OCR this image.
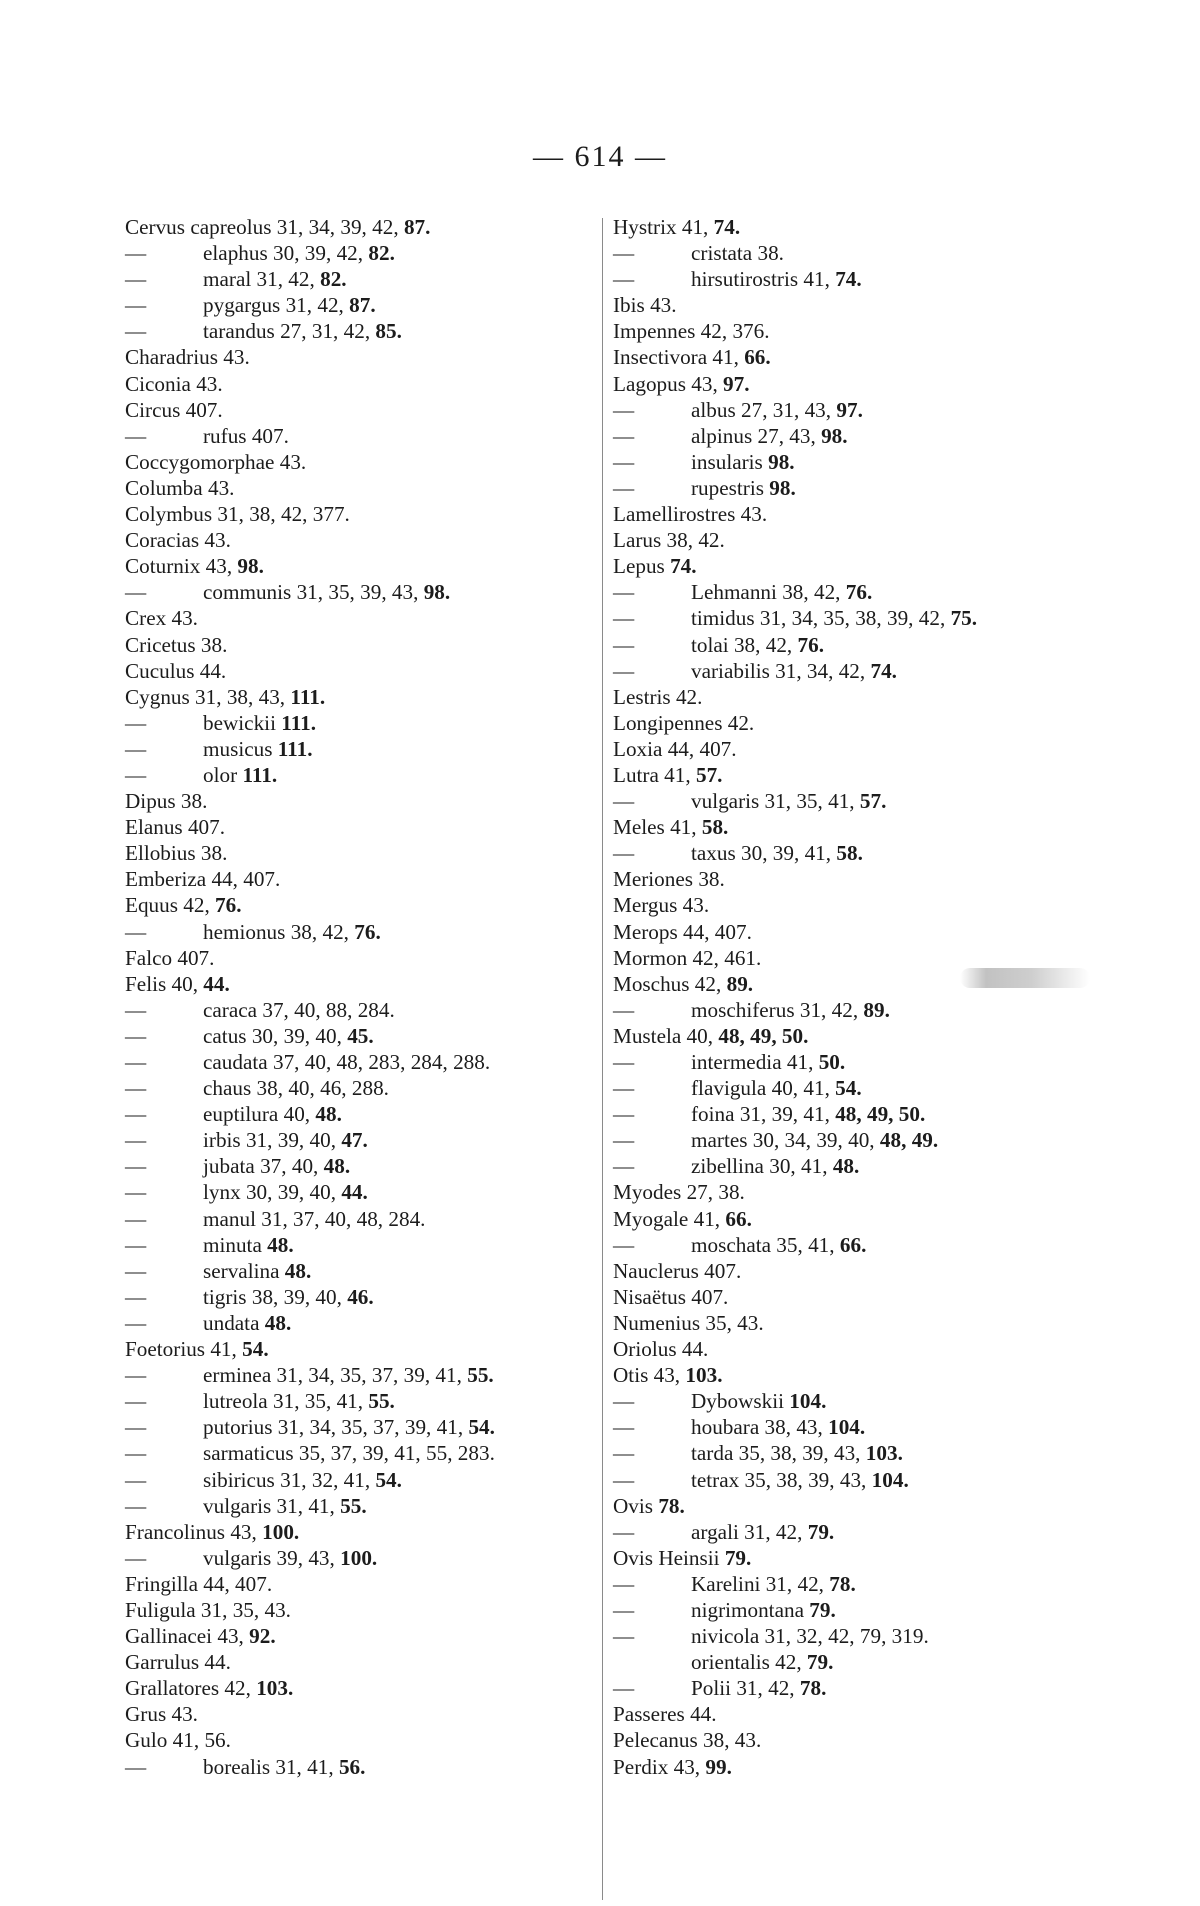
— 614 —
Cervus capreolus 31, 34, 39, 42, 87.
—	elaphus 30, 39, 42, 82.
—	maral 31, 42, 82.
—	pygargus 31, 42, 87.
—	tarandus 27, 31, 42, 85.
Charadrius 43.
Ciconia 43.
Circus 407.
—	rufus 407.
Coccygomorphae 43.
Columba 43.
Colymbus 31, 38, 42, 377.
Coracias 43.
Coturnix 43, 98.
—	communis 31, 35, 39, 43, 98.
Crex 43.
Cricetus 38.
Cuculus 44.
Cygnus 31, 38, 43, 111.
—	bewickii 111.
—	musicus 111.
—	olor 111.
Dipus 38.
Elanus 407.
Ellobius 38.
Emberiza 44, 407.
Equus 42, 76.
—	hemionus 38, 42, 76.
Falco 407.
Felis 40, 44.
—	caraca 37, 40, 88, 284.
—	catus 30, 39, 40, 45.
—	caudata 37, 40, 48, 283, 284, 288.
—	chaus 38, 40, 46, 288.
—	euptilura 40, 48.
—	irbis 31, 39, 40, 47.
—	jubata 37, 40, 48.
—	lynx 30, 39, 40, 44.
—	manul 31, 37, 40, 48, 284.
—	minuta 48.
—	servalina 48.
—	tigris 38, 39, 40, 46.
—	undata 48.
Foetorius 41, 54.
—	erminea 31, 34, 35, 37, 39, 41, 55.
—	lutreola 31, 35, 41, 55.
—	putorius 31, 34, 35, 37, 39, 41, 54.
—	sarmaticus 35, 37, 39, 41, 55, 283.
—	sibiricus 31, 32, 41, 54.
—	vulgaris 31, 41, 55.
Francolinus 43, 100.
—	vulgaris 39, 43, 100.
Fringilla 44, 407.
Fuligula 31, 35, 43.
Gallinacei 43, 92.
Garrulus 44.
Grallatores 42, 103.
Grus 43.
Gulo 41, 56.
—	borealis 31, 41, 56.
Hystrix 41, 74.
—	cristata 38.
—	hirsutirostris 41, 74.
Ibis 43.
Impennes 42, 376.
Insectivora 41, 66.
Lagopus 43, 97.
—	albus 27, 31, 43, 97.
—	alpinus 27, 43, 98.
—	insularis 98.
—	rupestris 98.
Lamellirostres 43.
Larus 38, 42.
Lepus 74.
—	Lehmanni 38, 42, 76.
—	timidus 31, 34, 35, 38, 39, 42, 75.
—	tolai 38, 42, 76.
—	variabilis 31, 34, 42, 74.
Lestris 42.
Longipennes 42.
Loxia 44, 407.
Lutra 41, 57.
—	vulgaris 31, 35, 41, 57.
Meles 41, 58.
—	taxus 30, 39, 41, 58.
Meriones 38.
Mergus 43.
Merops 44, 407.
Mormon 42, 461.
Moschus 42, 89.
—	moschiferus 31, 42, 89.
Mustela 40, 48, 49, 50.
—	intermedia 41, 50.
—	flavigula 40, 41, 54.
—	foina 31, 39, 41, 48, 49, 50.
—	martes 30, 34, 39, 40, 48, 49.
—	zibellina 30, 41, 48.
Myodes 27, 38.
Myogale 41, 66.
—	moschata 35, 41, 66.
Nauclerus 407.
Nisaëtus 407.
Numenius 35, 43.
Oriolus 44.
Otis 43, 103.
—	Dybowskii 104.
—	houbara 38, 43, 104.
—	tarda 35, 38, 39, 43, 103.
—	tetrax 35, 38, 39, 43, 104.
Ovis 78.
—	argali 31, 42, 79.
Ovis Heinsii 79.
—	Karelini 31, 42, 78.
—	nigrimontana 79.
—	nivicola 31, 32, 42, 79, 319.
orientalis 42, 79.
—	Polii 31, 42, 78.
Passeres 44.
Pelecanus 38, 43.
Perdix 43, 99.
